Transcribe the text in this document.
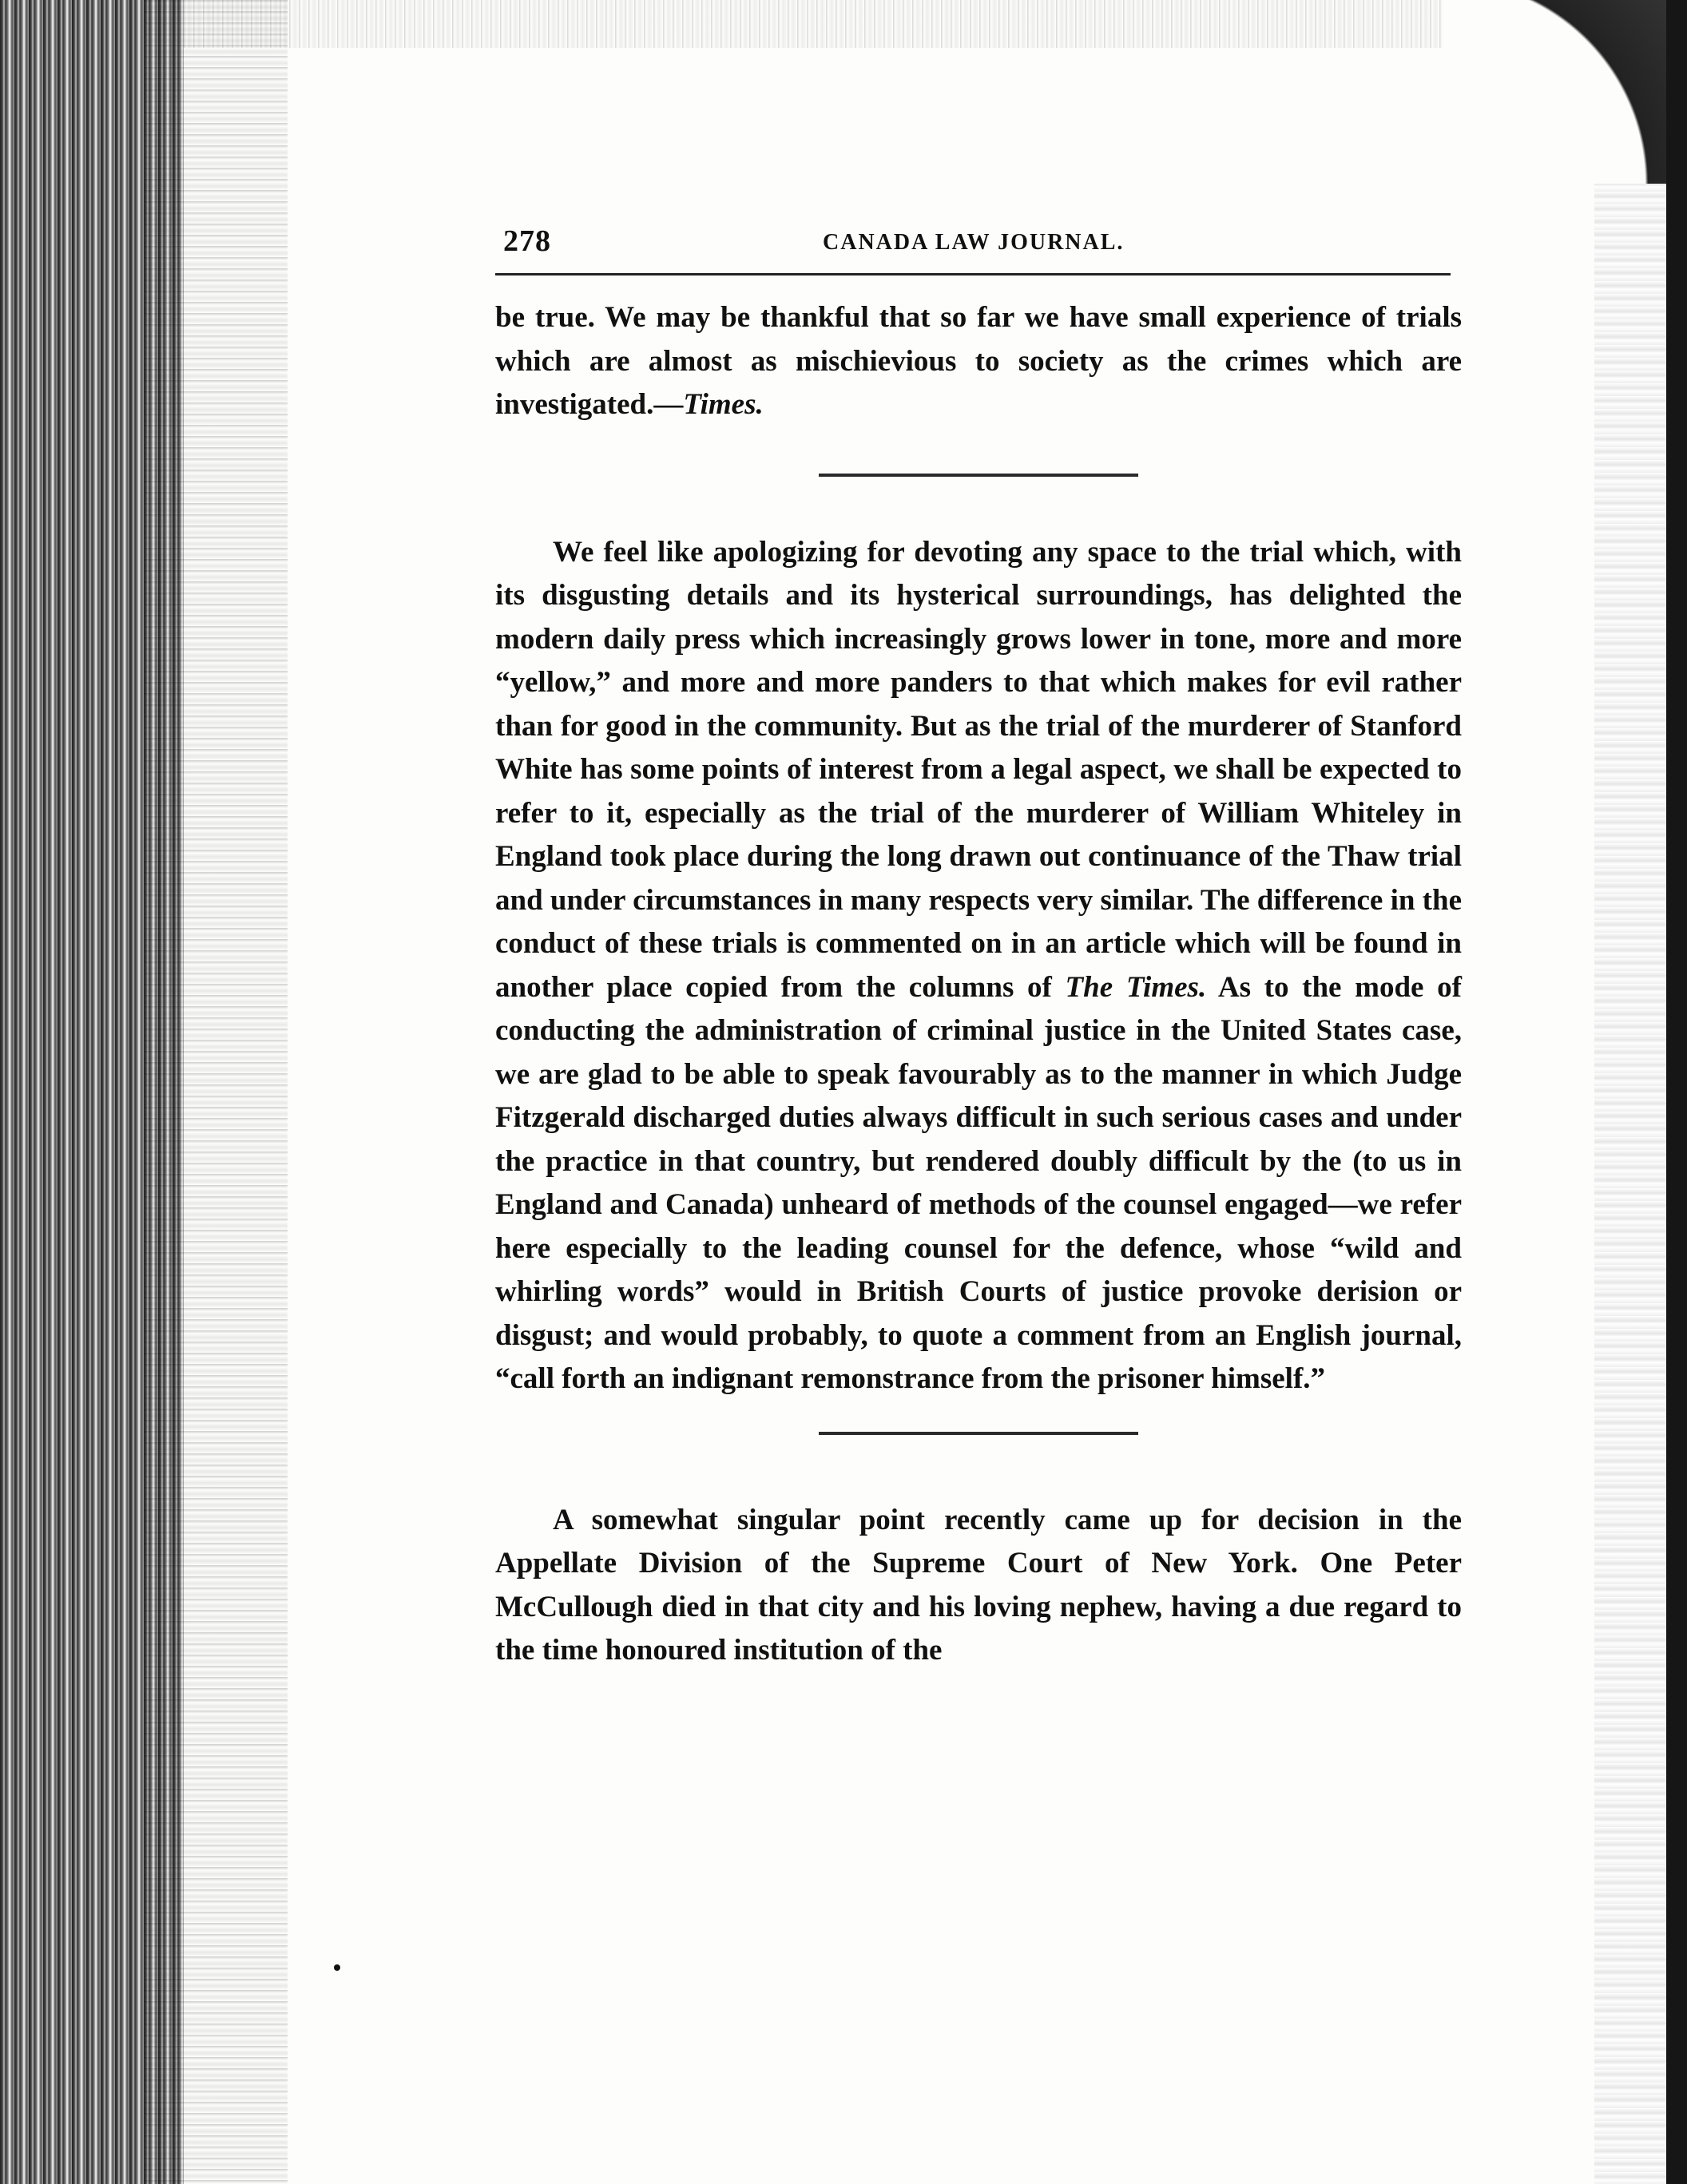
278	CANADA LAW JOURNAL.

be true. We may be thankful that so far we have small experience of trials which are almost as mischievious to society as the crimes which are investigated.—Times.

We feel like apologizing for devoting any space to the trial which, with its disgusting details and its hysterical surroundings, has delighted the modern daily press which increasingly grows lower in tone, more and more “yellow,” and more and more panders to that which makes for evil rather than for good in the community. But as the trial of the murderer of Stanford White has some points of interest from a legal aspect, we shall be expected to refer to it, especially as the trial of the murderer of William Whiteley in England took place during the long drawn out continuance of the Thaw trial and under circumstances in many respects very similar. The difference in the conduct of these trials is commented on in an article which will be found in another place copied from the columns of The Times. As to the mode of conducting the administration of criminal justice in the United States case, we are glad to be able to speak favourably as to the manner in which Judge Fitzgerald discharged duties always difficult in such serious cases and under the practice in that country, but rendered doubly difficult by the (to us in England and Canada) unheard of methods of the counsel engaged—we refer here especially to the leading counsel for the defence, whose “wild and whirling words” would in British Courts of justice provoke derision or disgust; and would probably, to quote a comment from an English journal, “call forth an indignant remonstrance from the prisoner himself.”

A somewhat singular point recently came up for decision in the Appellate Division of the Supreme Court of New York. One Peter McCullough died in that city and his loving nephew, having a due regard to the time honoured institution of the
